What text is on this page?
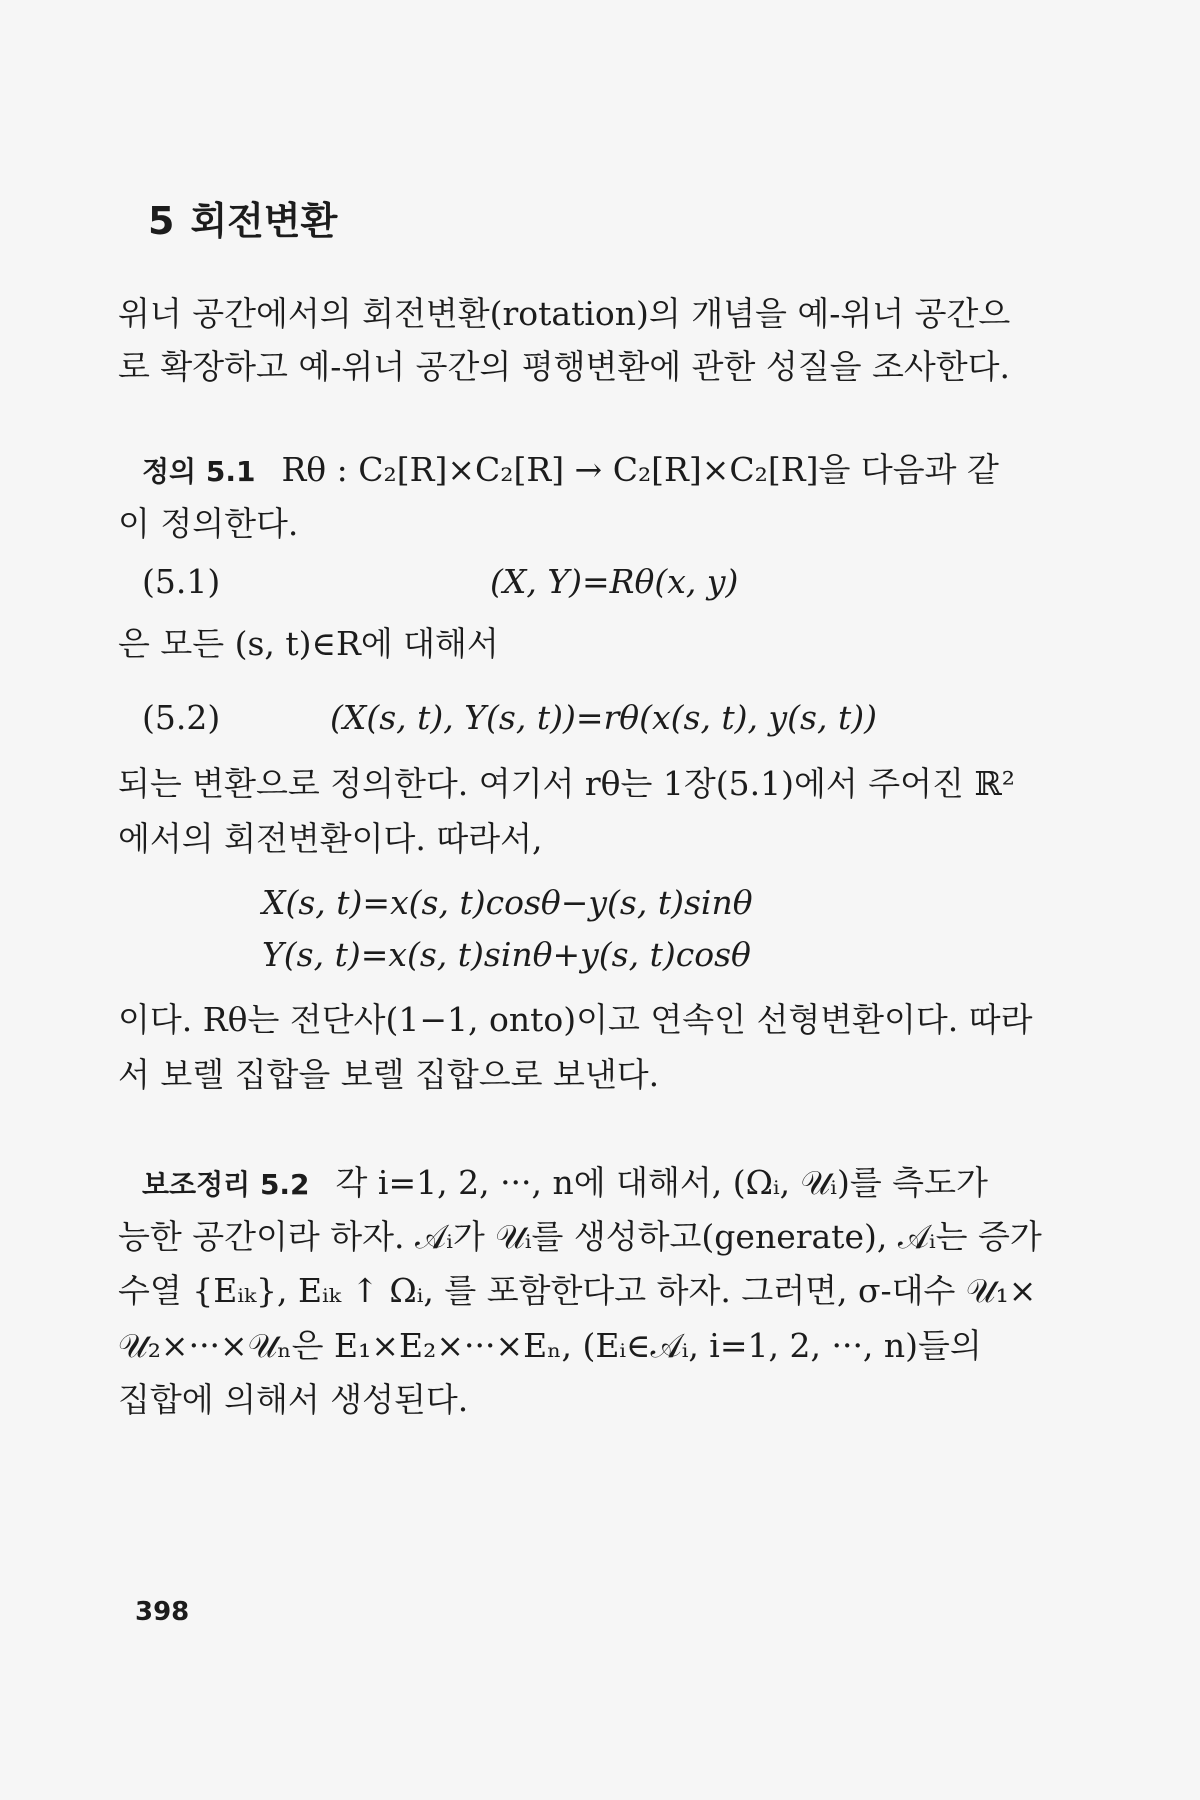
5 회전변환
위너 공간에서의 회전변환(rotation)의 개념을 예-위너 공간으
로 확장하고 예-위너 공간의 평행변환에 관한 성질을 조사한다.
정의 5.1 Rθ : C₂[R]×C₂[R] → C₂[R]×C₂[R]을 다음과 같
이 정의한다.
(5.1)	(X, Y)=Rθ(x, y)
은 모든 (s, t)∈R에 대해서
(5.2)	(X(s, t), Y(s, t))=rθ(x(s, t), y(s, t))
되는 변환으로 정의한다. 여기서 rθ는 1장(5.1)에서 주어진 ℝ²
에서의 회전변환이다. 따라서,
X(s, t)=x(s, t)cosθ−y(s, t)sinθ
Y(s, t)=x(s, t)sinθ+y(s, t)cosθ
이다. Rθ는 전단사(1−1, onto)이고 연속인 선형변환이다. 따라
서 보렐 집합을 보렐 집합으로 보낸다.
보조정리 5.2 각 i=1, 2, ···, n에 대해서, (Ωᵢ, 𝒰ᵢ)를 측도가
능한 공간이라 하자. 𝒜ᵢ가 𝒰ᵢ를 생성하고(generate), 𝒜ᵢ는 증가
수열 {Eᵢₖ}, Eᵢₖ ↑ Ωᵢ, 를 포함한다고 하자. 그러면, σ-대수 𝒰₁×
𝒰₂×···×𝒰ₙ은 E₁×E₂×···×Eₙ, (Eᵢ∈𝒜ᵢ, i=1, 2, ···, n)들의
집합에 의해서 생성된다.
398
